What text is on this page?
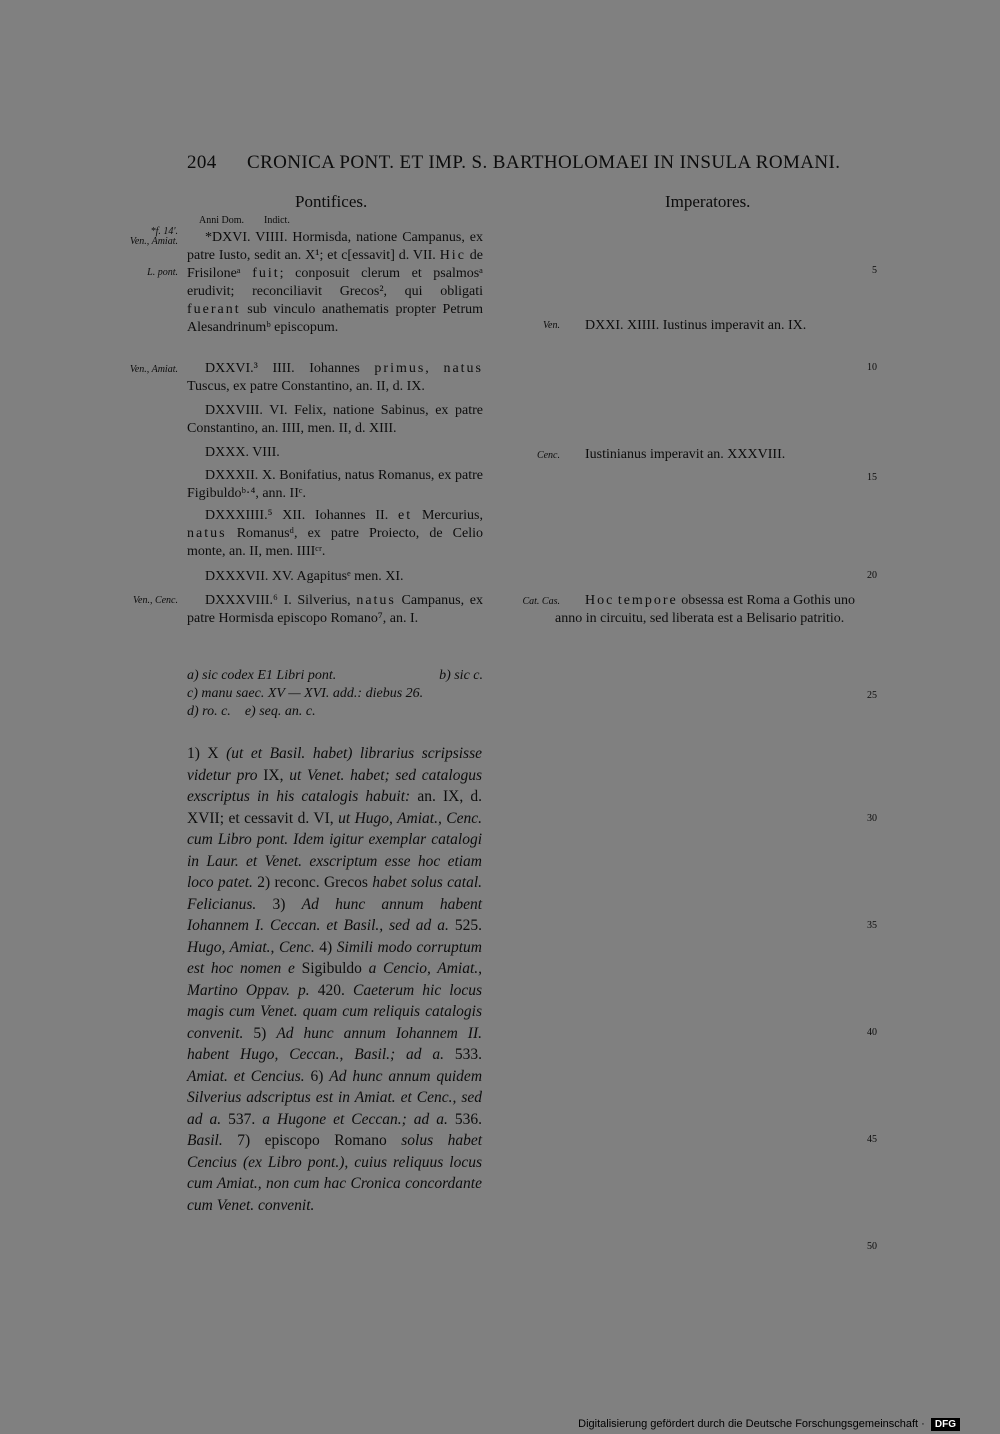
204 CRONICA PONT. ET IMP. S. BARTHOLOMAEI IN INSULA ROMANI.
Pontifices.	Imperatores.
Anni Dom. Indict.
*f. 14'.
Ven., Amiat.
L. pont.
Ven., Amiat.
Ven., Cenc.
Ven.
Cenc.
Cat. Cas.
*DXVI. VIIII. Hormisda, natione Campanus, ex patre Iusto, sedit an. X¹; et c[essavit] d. VII. Hic de Frisiloneᵃ fuit; conposuit clerum et psalmosᵃ erudivit; reconciliavit Grecos², qui obligati fuerant sub vinculo anathematis propter Petrum Alesandrinumᵇ episcopum.
DXXVI.³ IIII. Iohannes primus, natus Tuscus, ex patre Constantino, an. II, d. IX.
DXXVIII. VI. Felix, natione Sabinus, ex patre Constantino, an. IIII, men. II, d. XIII.
DXXX. VIII.
DXXXII. X. Bonifatius, natus Romanus, ex patre Figibuldoᵇ·⁴, ann. IIᶜ.
DXXXIIII.⁵ XII. Iohannes II. et Mercurius, natus Romanusᵈ, ex patre Proiecto, de Celio monte, an. II, men. IIIIᶜʳ.
DXXXVII. XV. Agapitusᵉ men. XI.
DXXXVIII.⁶ I. Silverius, natus Campanus, ex patre Hormisda episcopo Romano⁷, an. I.
DXXI. XIIII. Iustinus imperavit an. IX.
Iustinianus imperavit an. XXXVIII.
Hoc tempore obsessa est Roma a Gothis uno anno in circuitu, sed liberata est a Belisario patritio.
5
10
15
20
25
30
35
40
45
50
a) sic codex E1 Libri pont.	b) sic c.
c) manu saec. XV — XVI. add.: diebus 26.
d) ro. c. e) seq. an. c.
1) X (ut et Basil. habet) librarius scripsisse videtur pro IX, ut Venet. habet; sed catalogus exscriptus in his catalogis habuit: an. IX, d. XVII; et cessavit d. VI, ut Hugo, Amiat., Cenc. cum Libro pont. Idem igitur exemplar catalogi in Laur. et Venet. exscriptum esse hoc etiam loco patet. 2) reconc. Grecos habet solus catal. Felicianus. 3) Ad hunc annum habent Iohannem I. Ceccan. et Basil., sed ad a. 525. Hugo, Amiat., Cenc. 4) Simili modo corruptum est hoc nomen e Sigibuldo a Cencio, Amiat., Martino Oppav. p. 420. Caeterum hic locus magis cum Venet. quam cum reliquis catalogis convenit. 5) Ad hunc annum Iohannem II. habent Hugo, Ceccan., Basil.; ad a. 533. Amiat. et Cencius. 6) Ad hunc annum quidem Silverius adscriptus est in Amiat. et Cenc., sed ad a. 537. a Hugone et Ceccan.; ad a. 536. Basil. 7) episcopo Romano solus habet Cencius (ex Libro pont.), cuius reliquus locus cum Amiat., non cum hac Cronica concordante cum Venet. convenit.
Digitalisierung gefördert durch die Deutsche Forschungsgemeinschaft · DFG
